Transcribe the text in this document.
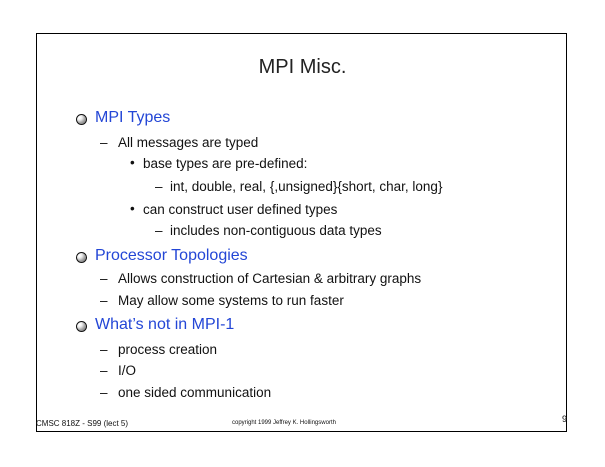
MPI Misc.
MPI Types
– All messages are typed
• base types are pre-defined:
– int, double, real, {,unsigned}{short, char, long}
• can construct user defined types
– includes non-contiguous data types
Processor Topologies
– Allows construction of Cartesian & arbitrary graphs
– May allow some systems to run faster
What’s not in MPI-1
– process creation
– I/O
– one sided communication
CMSC 818Z - S99 (lect 5)	copyright 1999 Jeffrey K. Hollingsworth	9
